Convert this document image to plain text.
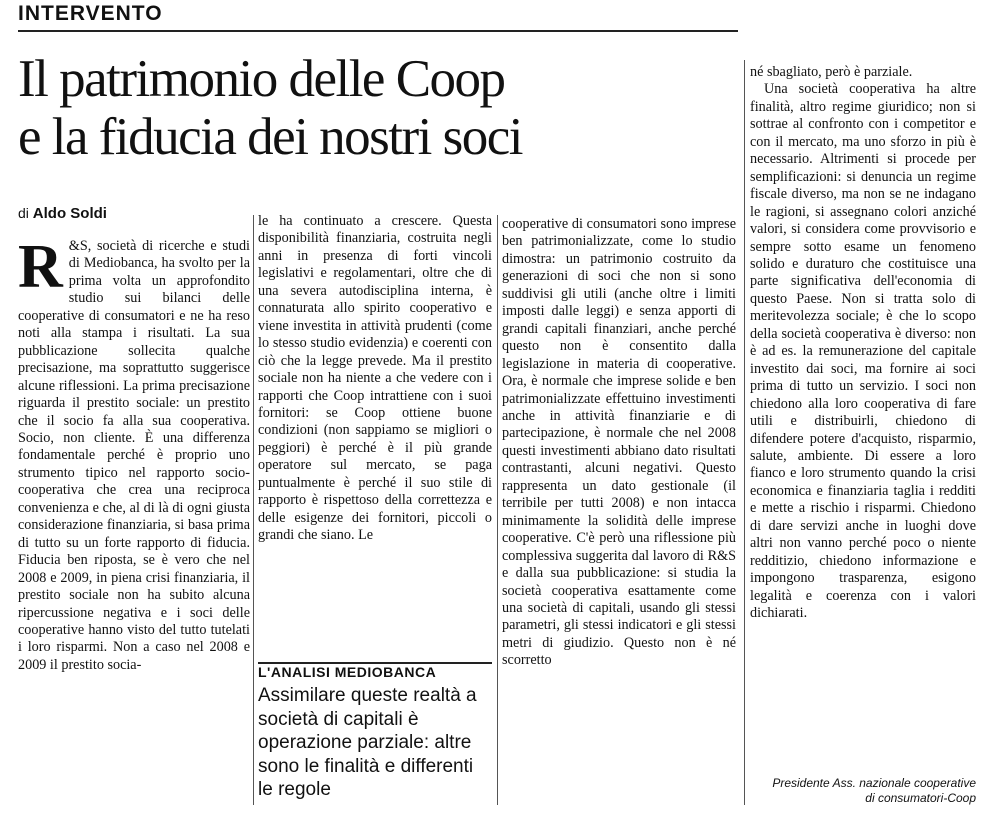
INTERVENTO
Il patrimonio delle Coop
e la fiducia dei nostri soci
di Aldo Soldi

R &S, società di ricerche e studi di Mediobanca, ha svolto per la prima volta un approfondito studio sui bilanci delle cooperative di consumatori e ne ha reso noti alla stampa i risultati. La sua pubblicazione sollecita qualche precisazione, ma soprattutto suggerisce alcune riflessioni. La prima precisazione riguarda il prestito sociale: un prestito che il socio fa alla sua cooperativa. Socio, non cliente. È una differenza fondamentale perché è proprio uno strumento tipico nel rapporto socio-cooperativa che crea una reciproca convenienza e che, al di là di ogni giusta considerazione finanziaria, si basa prima di tutto su un forte rapporto di fiducia. Fiducia ben riposta, se è vero che nel 2008 e 2009, in piena crisi finanziaria, il prestito sociale non ha subito alcuna ripercussione negativa e i soci delle cooperative hanno visto del tutto tutelati i loro risparmi. Non a caso nel 2008 e 2009 il prestito socia-

le ha continuato a crescere. Questa disponibilità finanziaria, costruita negli anni in presenza di forti vincoli legislativi e regolamentari, oltre che di una severa autodisciplina interna, è connaturata allo spirito cooperativo e viene investita in attività prudenti (come lo stesso studio evidenzia) e coerenti con ciò che la legge prevede. Ma il prestito sociale non ha niente a che vedere con i rapporti che Coop intrattiene con i suoi fornitori: se Coop ottiene buone condizioni (non sappiamo se migliori o peggiori) è perché è il più grande operatore sul mercato, se paga puntualmente è perché il suo stile di rapporto è rispettoso della correttezza e delle esigenze dei fornitori, piccoli o grandi che siano. Le

L'ANALISI MEDIOBANCA

Assimilare queste realtà a società di capitali è operazione parziale: altre sono le finalità e differenti le regole

cooperative di consumatori sono imprese ben patrimonializzate, come lo studio dimostra: un patrimonio costruito da generazioni di soci che non si sono suddivisi gli utili (anche oltre i limiti imposti dalle leggi) e senza apporti di grandi capitali finanziari, anche perché questo non è consentito dalla legislazione in materia di cooperative. Ora, è normale che imprese solide e ben patrimonializzate effettuino investimenti anche in attività finanziarie e di partecipazione, è normale che nel 2008 questi investimenti abbiano dato risultati contrastanti, alcuni negativi. Questo rappresenta un dato gestionale (il terribile per tutti 2008) e non intacca minimamente la solidità delle imprese cooperative. C'è però una riflessione più complessiva suggerita dal lavoro di R&S e dalla sua pubblicazione: si studia la società cooperativa esattamente come una società di capitali, usando gli stessi parametri, gli stessi indicatori e gli stessi metri di giudizio. Questo non è né scorretto

né sbagliato, però è parziale.

Una società cooperativa ha altre finalità, altro regime giuridico; non si sottrae al confronto con i competitor e con il mercato, ma uno sforzo in più è necessario. Altrimenti si procede per semplificazioni: si denuncia un regime fiscale diverso, ma non se ne indagano le ragioni, si assegnano colori anziché valori, si considera come provvisorio e sempre sotto esame un fenomeno solido e duraturo che costituisce una parte significativa dell'economia di questo Paese. Non si tratta solo di meritevolezza sociale; è che lo scopo della società cooperativa è diverso: non è ad es. la remunerazione del capitale investito dai soci, ma fornire ai soci prima di tutto un servizio. I soci non chiedono alla loro cooperativa di fare utili e distribuirli, chiedono di difendere potere d'acquisto, risparmio, salute, ambiente. Di essere a loro fianco e loro strumento quando la crisi economica e finanziaria taglia i redditi e mette a rischio i risparmi. Chiedono di dare servizi anche in luoghi dove altri non vanno perché poco o niente redditizio, chiedono informazione e impongono trasparenza, esigono legalità e coerenza con i valori dichiarati.

Presidente Ass. nazionale cooperative
di consumatori-Coop
